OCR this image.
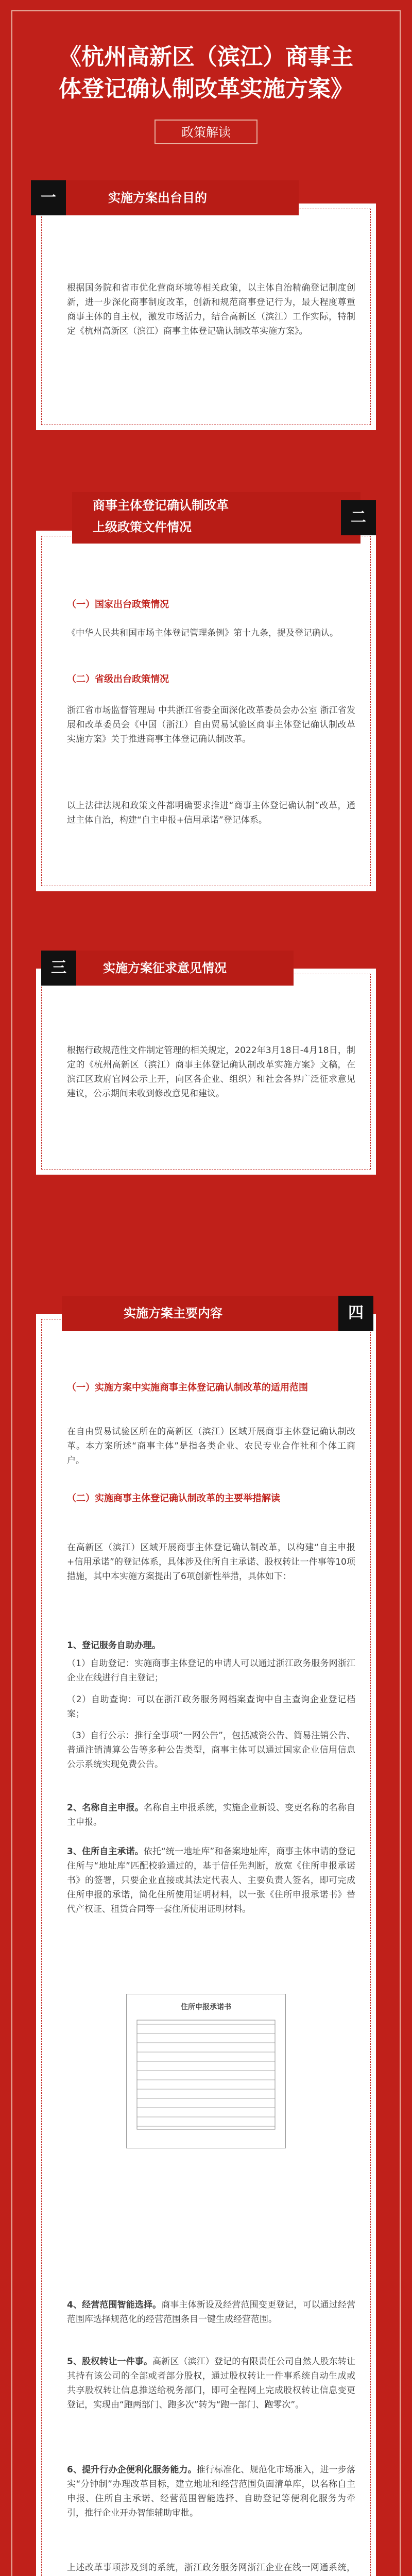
《杭州高新区（滨江）商事主
体登记确认制改革实施方案》
政策解读

根据国务院和省市优化营商环境等相关政策，以主体自治精确登记制度创新，进一步深化商事制度改革，创新和规范商事登记行为，最大程度尊重商事主体的自主权，激发市场活力，结合高新区（滨江）工作实际，特制定《杭州高新区（滨江）商事主体登记确认制改革实施方案》。

一	实施方案出台目的

（一）国家出台政策情况

《中华人民共和国市场主体登记管理条例》第十九条，提及登记确认。

（二）省级出台政策情况

浙江省市场监督管理局 中共浙江省委全面深化改革委员会办公室 浙江省发展和改革委员会《中国（浙江）自由贸易试验区商事主体登记确认制改革实施方案》关于推进商事主体登记确认制改革。

以上法律法规和政策文件都明确要求推进“商事主体登记确认制”改革，通过主体自治，构建“自主申报+信用承诺”登记体系。

商事主体登记确认制改革
上级政策文件情况
二

根据行政规范性文件制定管理的相关规定，2022年3月18日-4月18日，制定的《杭州高新区（滨江）商事主体登记确认制改革实施方案》文稿，在滨江区政府官网公示上开，向区各企业、组织）和社会各界广泛征求意见建议，公示期间未收到修改意见和建议。

三	实施方案征求意见情况

（一）实施方案中实施商事主体登记确认制改革的适用范围

在自由贸易试验区所在的高新区（滨江）区域开展商事主体登记确认制改革。本方案所述“商事主体”是指各类企业、农民专业合作社和个体工商户。

（二）实施商事主体登记确认制改革的主要举措解读

在高新区（滨江）区域开展商事主体登记确认制改革，以构建“自主申报+信用承诺”的登记体系，具体涉及住所自主承诺、股权转让一件事等10项措施，其中本实施方案提出了6项创新性举措，具体如下：

1、登记服务自助办理。

（1）自助登记：实施商事主体登记的申请人可以通过浙江政务服务网浙江企业在线进行自主登记；

（2）自助查询：可以在浙江政务服务网档案查询中自主查询企业登记档案；

（3）自行公示：推行全事项“一网公告”，包括减资公告、简易注销公告、普通注销清算公告等多种公告类型，商事主体可以通过国家企业信用信息公示系统实现免费公告。

2、名称自主申报。名称自主申报系统，实施企业新设、变更名称的名称自主申报。

3、住所自主承诺。依托“统一地址库”和备案地址库，商事主体申请的登记住所与“地址库”匹配校验通过的，基于信任先判断，放宽《住所申报承诺书》的签署，只要企业直接或其法定代表人、主要负责人签名，即可完成住所申报的承诺，简化住所使用证明材料，以一张《住所申报承诺书》替代产权证、租赁合同等一套住所使用证明材料。

4、经营范围智能选择。商事主体新设及经营范围变更登记，可以通过经营范围库选择规范化的经营范围条目一键生成经营范围。

5、股权转让一件事。高新区（滨江）登记的有限责任公司自然人股东转让其持有该公司的全部或者部分股权，通过股权转让一件事系统自动生成或共享股权转让信息推送给税务部门，即可全程网上完成股权转让信息变更登记，实现由“跑两部门、跑多次”转为“跑一部门、跑零次”。

6、提升行办企便利化服务能力。推行标准化、规范化市场准入，进一步落实“分钟制”办理改革目标，建立地址和经营范围负面清单库，以名称自主申报、住所自主承诺、经营范围智能选择、自助登记等便利化服务为牵引，推行企业开办智能辅助审批。

上述改革事项涉及到的系统，浙江政务服务网浙江企业在线一网通系统，

实施方案主要内容	四
住所申报承诺书
